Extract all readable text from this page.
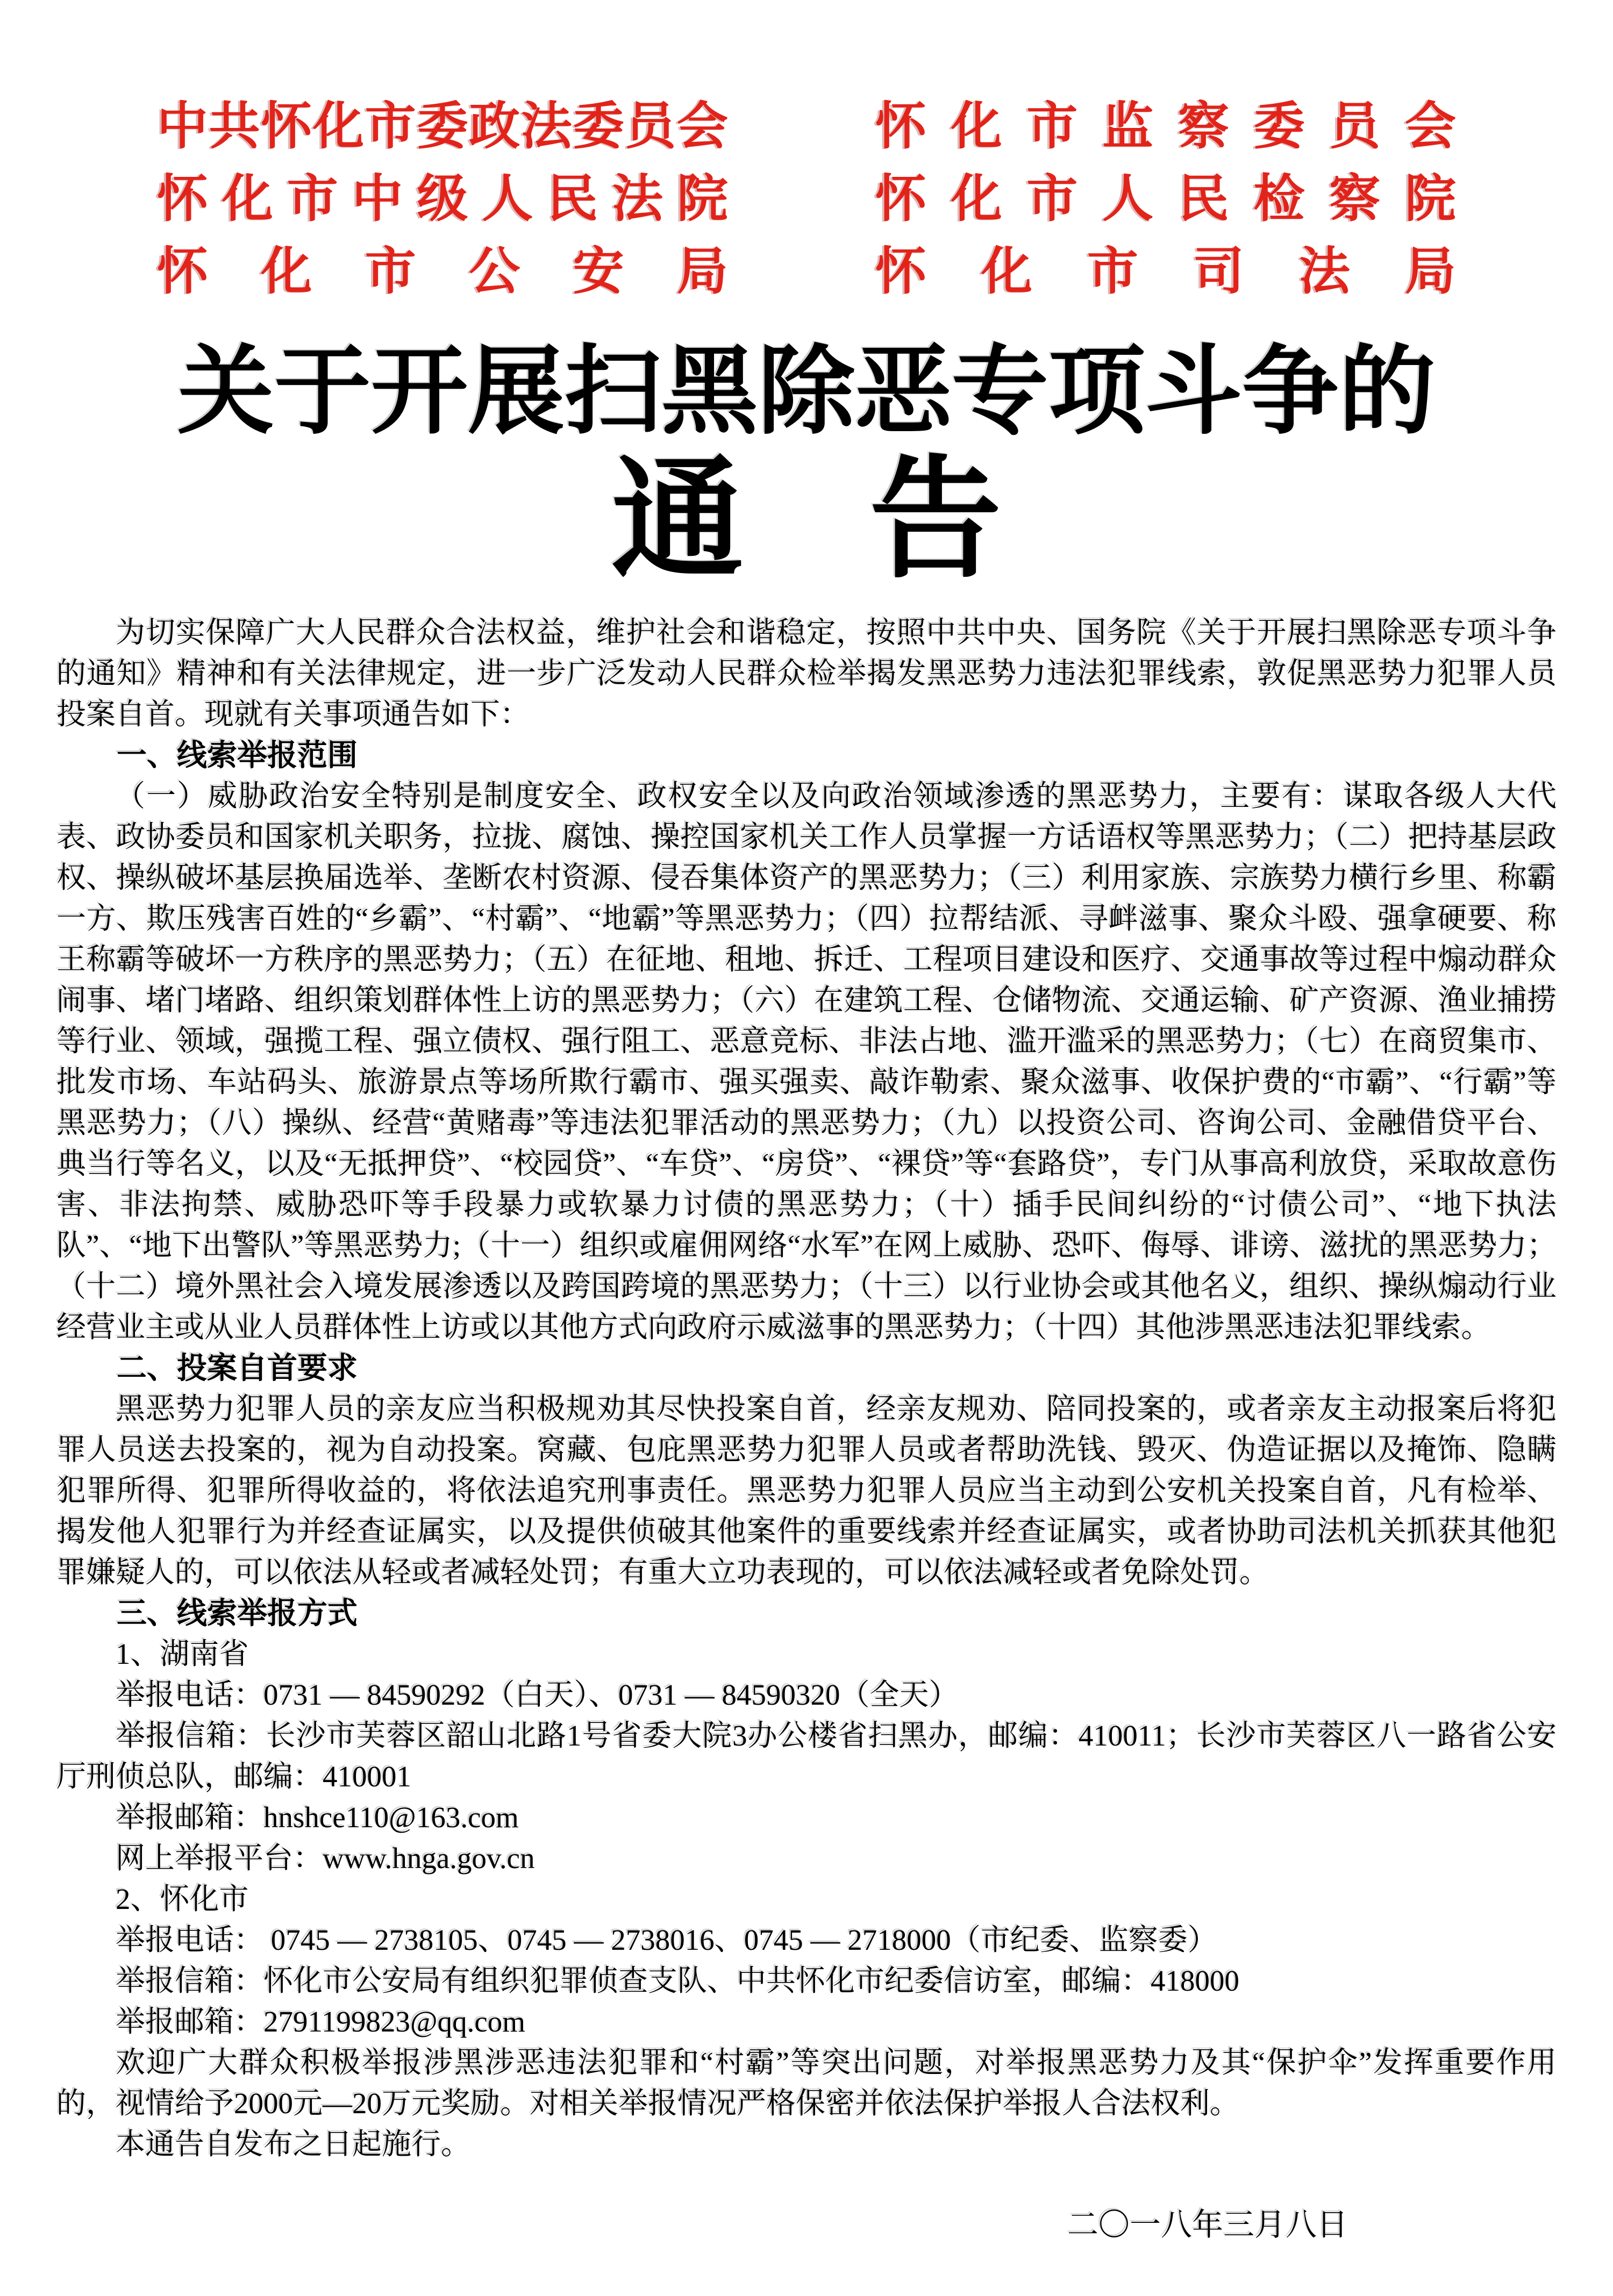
中共怀化市委政法委员会
怀化市中级人民法院
怀化市公安局
怀化市监察委员会
怀化市人民检察院
怀化市司法局
关于开展扫黑除恶专项斗争的
通 告

为切实保障广大人民群众合法权益，维护社会和谐稳定，按照中共中央、国务院《关于开展扫黑除恶专项斗争的通知》精神和有关法律规定，进一步广泛发动人民群众检举揭发黑恶势力违法犯罪线索，敦促黑恶势力犯罪人员投案自首。现就有关事项通告如下：

一、线索举报范围

（一）威胁政治安全特别是制度安全、政权安全以及向政治领域渗透的黑恶势力，主要有：谋取各级人大代表、政协委员和国家机关职务，拉拢、腐蚀、操控国家机关工作人员掌握一方话语权等黑恶势力；（二）把持基层政权、操纵破坏基层换届选举、垄断农村资源、侵吞集体资产的黑恶势力；（三）利用家族、宗族势力横行乡里、称霸一方、欺压残害百姓的“乡霸”、“村霸”、“地霸”等黑恶势力；（四）拉帮结派、寻衅滋事、聚众斗殴、强拿硬要、称王称霸等破坏一方秩序的黑恶势力；（五）在征地、租地、拆迁、工程项目建设和医疗、交通事故等过程中煽动群众闹事、堵门堵路、组织策划群体性上访的黑恶势力；（六）在建筑工程、仓储物流、交通运输、矿产资源、渔业捕捞等行业、领域，强揽工程、强立债权、强行阻工、恶意竞标、非法占地、滥开滥采的黑恶势力；（七）在商贸集市、批发市场、车站码头、旅游景点等场所欺行霸市、强买强卖、敲诈勒索、聚众滋事、收保护费的“市霸”、“行霸”等黑恶势力；（八）操纵、经营“黄赌毒”等违法犯罪活动的黑恶势力；（九）以投资公司、咨询公司、金融借贷平台、典当行等名义，以及“无抵押贷”、“校园贷”、“车贷”、“房贷”、“裸贷”等“套路贷”，专门从事高利放贷，采取故意伤害、非法拘禁、威胁恐吓等手段暴力或软暴力讨债的黑恶势力；（十）插手民间纠纷的“讨债公司”、“地下执法队”、“地下出警队”等黑恶势力;（十一）组织或雇佣网络“水军”在网上威胁、恐吓、侮辱、诽谤、滋扰的黑恶势力；（十二）境外黑社会入境发展渗透以及跨国跨境的黑恶势力；（十三）以行业协会或其他名义，组织、操纵煽动行业经营业主或从业人员群体性上访或以其他方式向政府示威滋事的黑恶势力；（十四）其他涉黑恶违法犯罪线索。

二、投案自首要求

黑恶势力犯罪人员的亲友应当积极规劝其尽快投案自首，经亲友规劝、陪同投案的，或者亲友主动报案后将犯罪人员送去投案的，视为自动投案。窝藏、包庇黑恶势力犯罪人员或者帮助洗钱、毁灭、伪造证据以及掩饰、隐瞒犯罪所得、犯罪所得收益的，将依法追究刑事责任。黑恶势力犯罪人员应当主动到公安机关投案自首，凡有检举、揭发他人犯罪行为并经查证属实，以及提供侦破其他案件的重要线索并经查证属实，或者协助司法机关抓获其他犯罪嫌疑人的，可以依法从轻或者减轻处罚；有重大立功表现的，可以依法减轻或者免除处罚。

三、线索举报方式

1、湖南省

举报电话：0731 — 84590292（白天）、0731 — 84590320（全天）

举报信箱：长沙市芙蓉区韶山北路1号省委大院3办公楼省扫黑办，邮编：410011；长沙市芙蓉区八一路省公安厅刑侦总队，邮编：410001

举报邮箱：hnshce110@163.com

网上举报平台：www.hnga.gov.cn

2、怀化市

举报电话： 0745 — 2738105、0745 — 2738016、0745 — 2718000（市纪委、监察委）

举报信箱：怀化市公安局有组织犯罪侦查支队、中共怀化市纪委信访室，邮编：418000

举报邮箱：2791199823@qq.com

欢迎广大群众积极举报涉黑涉恶违法犯罪和“村霸”等突出问题，对举报黑恶势力及其“保护伞”发挥重要作用的，视情给予2000元—20万元奖励。对相关举报情况严格保密并依法保护举报人合法权利。

本通告自发布之日起施行。

二〇一八年三月八日
